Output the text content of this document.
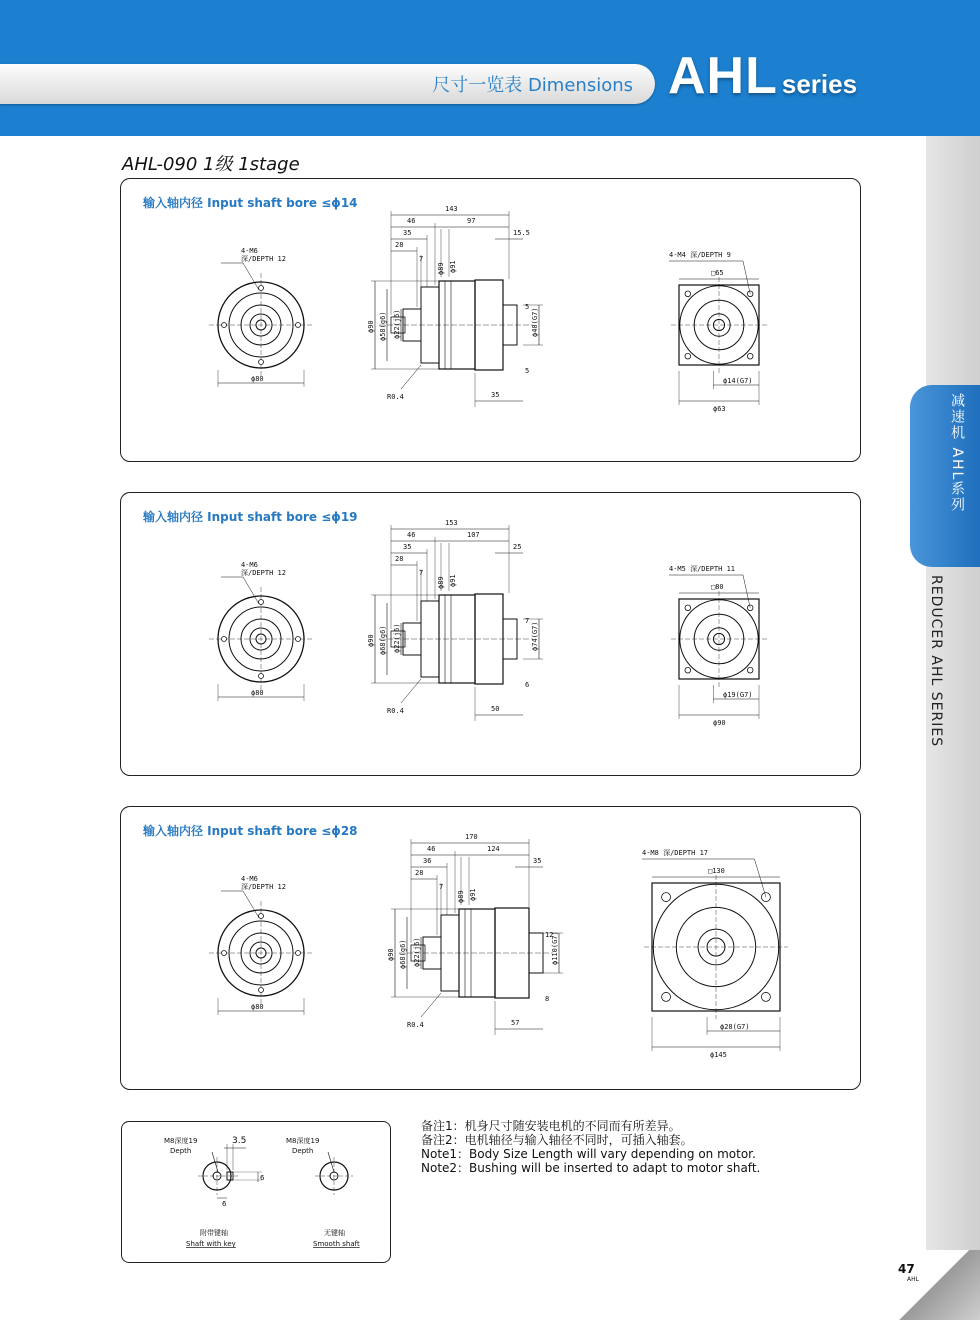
尺寸一览表 Dimensions AHL series
减速机 AHL系列
REDUCER AHL SERIES
AHL-090 1级 1stage
输入轴内径 Input shaft bore ≤ϕ14
4-M6
深/DEPTH 12
ϕ80
143
46	97
15.5
35
28
7
ϕ89 ϕ91
ϕ90 ϕ58(g6) ϕ22(j6)	ϕ40(G7)
5
5
35
R0.4
4-M4 深/DEPTH 9
□65
ϕ14(G7)
ϕ63
输入轴内径 Input shaft bore ≤ϕ19
4-M6
深/DEPTH 12
ϕ80
153
46	107
25
35
28
7
ϕ89 ϕ91
ϕ90 ϕ68(g6) ϕ22(j6)	ϕ74(G7)
7
6
50
R0.4
4-M5 深/DEPTH 11
□80
ϕ19(G7)
ϕ90
输入轴内径 Input shaft bore ≤ϕ28
4-M6
深/DEPTH 12
ϕ80
170
46	124
35
36
28
7
ϕ89 ϕ91
ϕ90 ϕ68(g6) ϕ22(j6)	ϕ110(G7)
12
8
57
R0.4
4-M8 深/DEPTH 17
□130
ϕ28(G7)
ϕ145
M8深度19
Depth
3.5
6
6
附带键轴
Shaft with key
M8深度19
Depth
无键轴
Smooth shaft
备注1：机身尺寸随安装电机的不同而有所差异。
备注2：电机轴径与输入轴径不同时，可插入轴套。
Note1：Body Size Length will vary depending on motor.
Note2：Bushing will be inserted to adapt to motor shaft.
47
AHL
